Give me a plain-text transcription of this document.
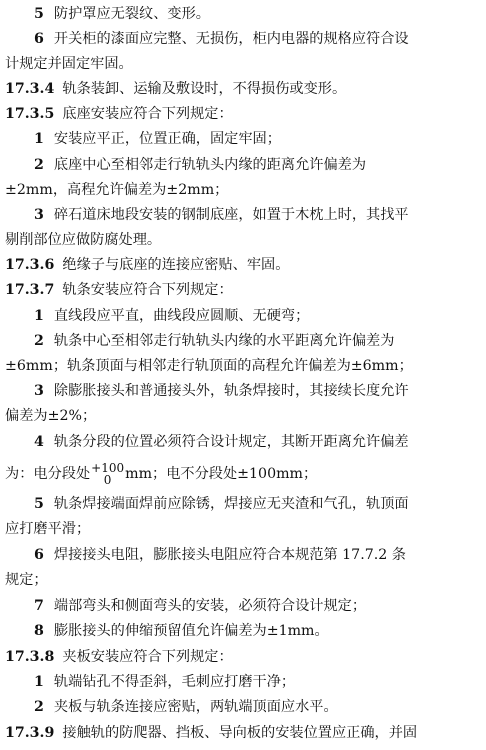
5 防护罩应无裂纹、变形。
6 开关柜的漆面应完整、无损伤，柜内电器的规格应符合设
计规定并固定牢固。
17.3.4 轨条装卸、运输及敷设时，不得损伤或变形。
17.3.5 底座安装应符合下列规定：
1 安装应平正，位置正确，固定牢固；
2 底座中心至相邻走行轨轨头内缘的距离允许偏差为
±2mm，高程允许偏差为±2mm；
3 碎石道床地段安装的钢制底座，如置于木枕上时，其找平
剔削部位应做防腐处理。
17.3.6 绝缘子与底座的连接应密贴、牢固。
17.3.7 轨条安装应符合下列规定：
1 直线段应平直，曲线段应圆顺、无硬弯；
2 轨条中心至相邻走行轨轨头内缘的水平距离允许偏差为
±6mm；轨条顶面与相邻走行轨顶面的高程允许偏差为±6mm；
3 除膨胀接头和普通接头外，轨条焊接时，其接续长度允许
偏差为±2%；
4 轨条分段的位置必须符合设计规定，其断开距离允许偏差
为：电分段处 +100
0 mm；电不分段处±100mm；
5 轨条焊接端面焊前应除锈，焊接应无夹渣和气孔，轨顶面
应打磨平滑；
6 焊接接头电阻，膨胀接头电阻应符合本规范第 17.7.2 条
规定；
7 端部弯头和侧面弯头的安装，必须符合设计规定；
8 膨胀接头的伸缩预留值允许偏差为±1mm。
17.3.8 夹板安装应符合下列规定：
1 轨端钻孔不得歪斜，毛刺应打磨干净；
2 夹板与轨条连接应密贴，两轨端顶面应水平。
17.3.9 接触轨的防爬器、挡板、导向板的安装位置应正确，并固
